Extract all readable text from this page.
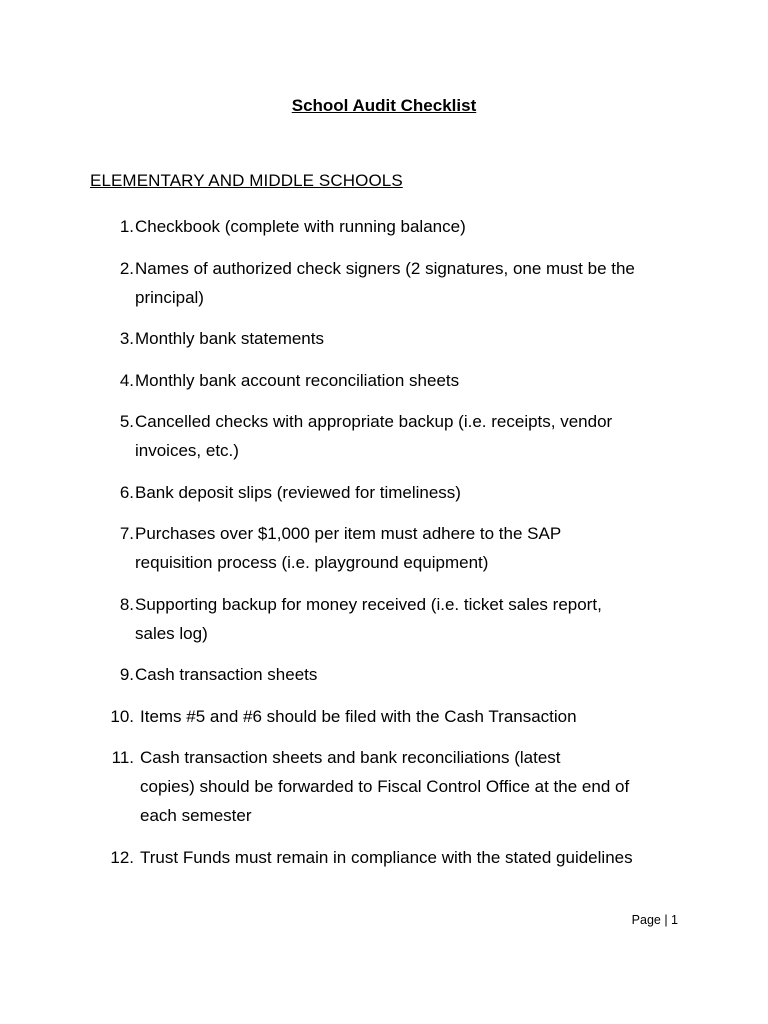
School Audit Checklist
ELEMENTARY AND MIDDLE SCHOOLS
1. Checkbook (complete with running balance)
2. Names of authorized check signers (2 signatures, one must be the
principal)
3. Monthly bank statements
4. Monthly bank account reconciliation sheets
5. Cancelled checks with appropriate backup (i.e. receipts, vendor
invoices, etc.)
6. Bank deposit slips (reviewed for timeliness)
7. Purchases over $1,000 per item must adhere to the SAP
requisition process (i.e. playground equipment)
8. Supporting backup for money received (i.e. ticket sales report,
sales log)
9. Cash transaction sheets
10. Items #5 and #6 should be filed with the Cash Transaction
11. Cash transaction sheets and bank reconciliations (latest
copies) should be forwarded to Fiscal Control Office at the end of
each semester
12. Trust Funds must remain in compliance with the stated guidelines
Page | 1
